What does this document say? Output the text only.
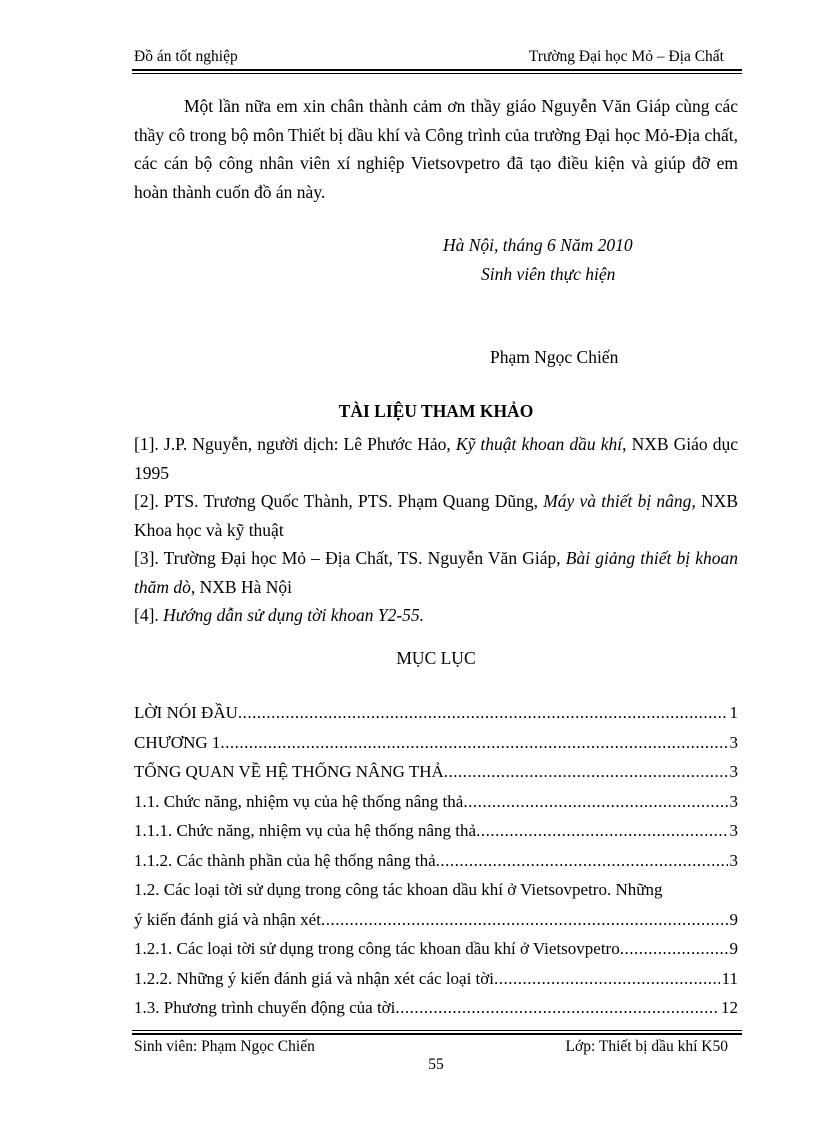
Đồ án tốt nghiệp	Trường Đại học Mỏ – Địa Chất

Một lần nữa em xin chân thành cảm ơn thầy giáo Nguyễn Văn Giáp cùng các thầy cô trong bộ môn Thiết bị dầu khí và Công trình của trường Đại học Mỏ-Địa chất, các cán bộ công nhân viên xí nghiệp Vietsovpetro đã tạo điều kiện và giúp đỡ em hoàn thành cuốn đồ án này.

Hà Nội, tháng 6 Năm 2010
Sinh viên thực hiện
Phạm Ngọc Chiến
TÀI LIỆU THAM KHẢO
[1]. J.P. Nguyễn, người dịch: Lê Phước Hảo, Kỹ thuật khoan dầu khí, NXB Giáo dục 1995
[2]. PTS. Trương Quốc Thành, PTS. Phạm Quang Dũng, Máy và thiết bị nâng, NXB Khoa học và kỹ thuật
[3]. Trường Đại học Mỏ – Địa Chất, TS. Nguyễn Văn Giáp, Bài giảng thiết bị khoan thăm dò, NXB Hà Nội
[4]. Hướng dẫn sử dụng tời khoan Y2-55.
MỤC LỤC
LỜI NÓI ĐẦU .....	1
CHƯƠNG 1 .....	3
TỔNG QUAN VỀ HỆ THỐNG NÂNG THẢ .....	3
1.1. Chức năng, nhiệm vụ của hệ thống nâng thả .....	3
1.1.1. Chức năng, nhiệm vụ của hệ thống nâng thả .....	3
1.1.2. Các thành phần của hệ thống nâng thả .....	3
1.2. Các loại tời sử dụng trong công tác khoan dầu khí ở Vietsovpetro. Những
ý kiến đánh giá và nhận xét .....	9
1.2.1. Các loại tời sử dụng trong công tác khoan dầu khí ở Vietsovpetro .....	9
1.2.2. Những ý kiến đánh giá và nhận xét các loại tời .....	11
1.3. Phương trình chuyển động của tời .....	12
Sinh viên: Phạm Ngọc Chiến	Lớp: Thiết bị dầu khí K50
55
